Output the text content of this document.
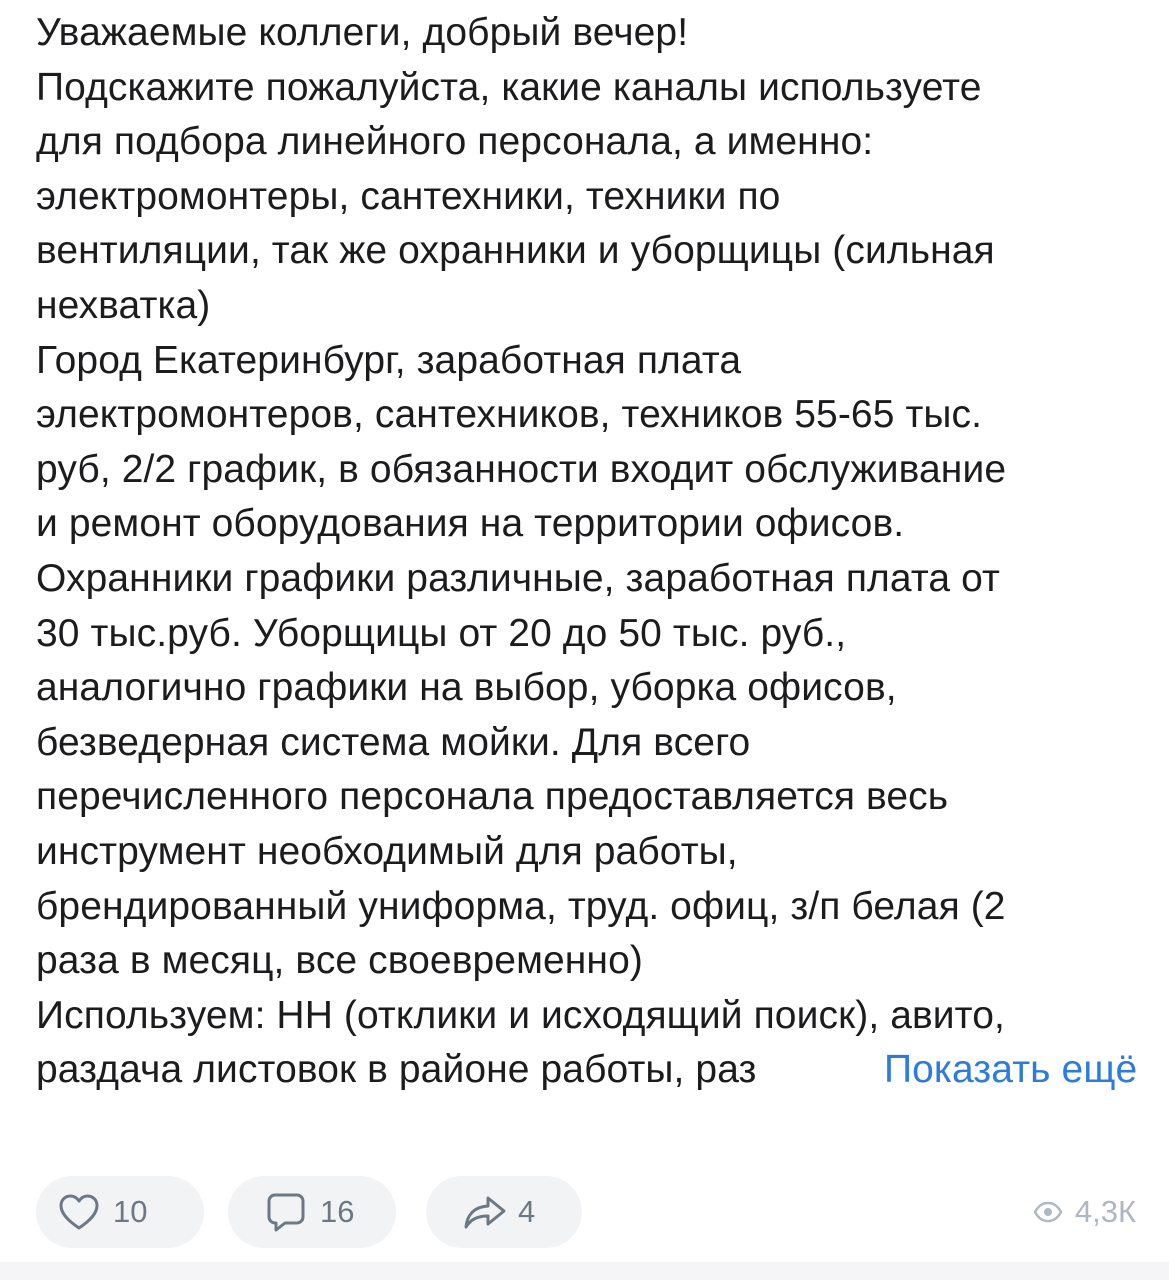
Уважаемые коллеги, добрый вечер!
Подскажите пожалуйста, какие каналы используете
для подбора линейного персонала, а именно:
электромонтеры, сантехники, техники по
вентиляции, так же охранники и уборщицы (сильная
нехватка)
Город Екатеринбург, заработная плата
электромонтеров, сантехников, техников 55-65 тыс.
руб, 2/2 график, в обязанности входит обслуживание
и ремонт оборудования на территории офисов.
Охранники графики различные, заработная плата от
30 тыс.руб. Уборщицы от 20 до 50 тыс. руб.,
аналогично графики на выбор, уборка офисов,
безведерная система мойки. Для всего
перечисленного персонала предоставляется весь
инструмент необходимый для работы,
брендированный униформа, труд. офиц, з/п белая (2
раза в месяц, все своевременно)
Используем: НН (отклики и исходящий поиск), авито,
раздача листовок в районе работы, раз	Показать ещё
10	16	4	4,3К
